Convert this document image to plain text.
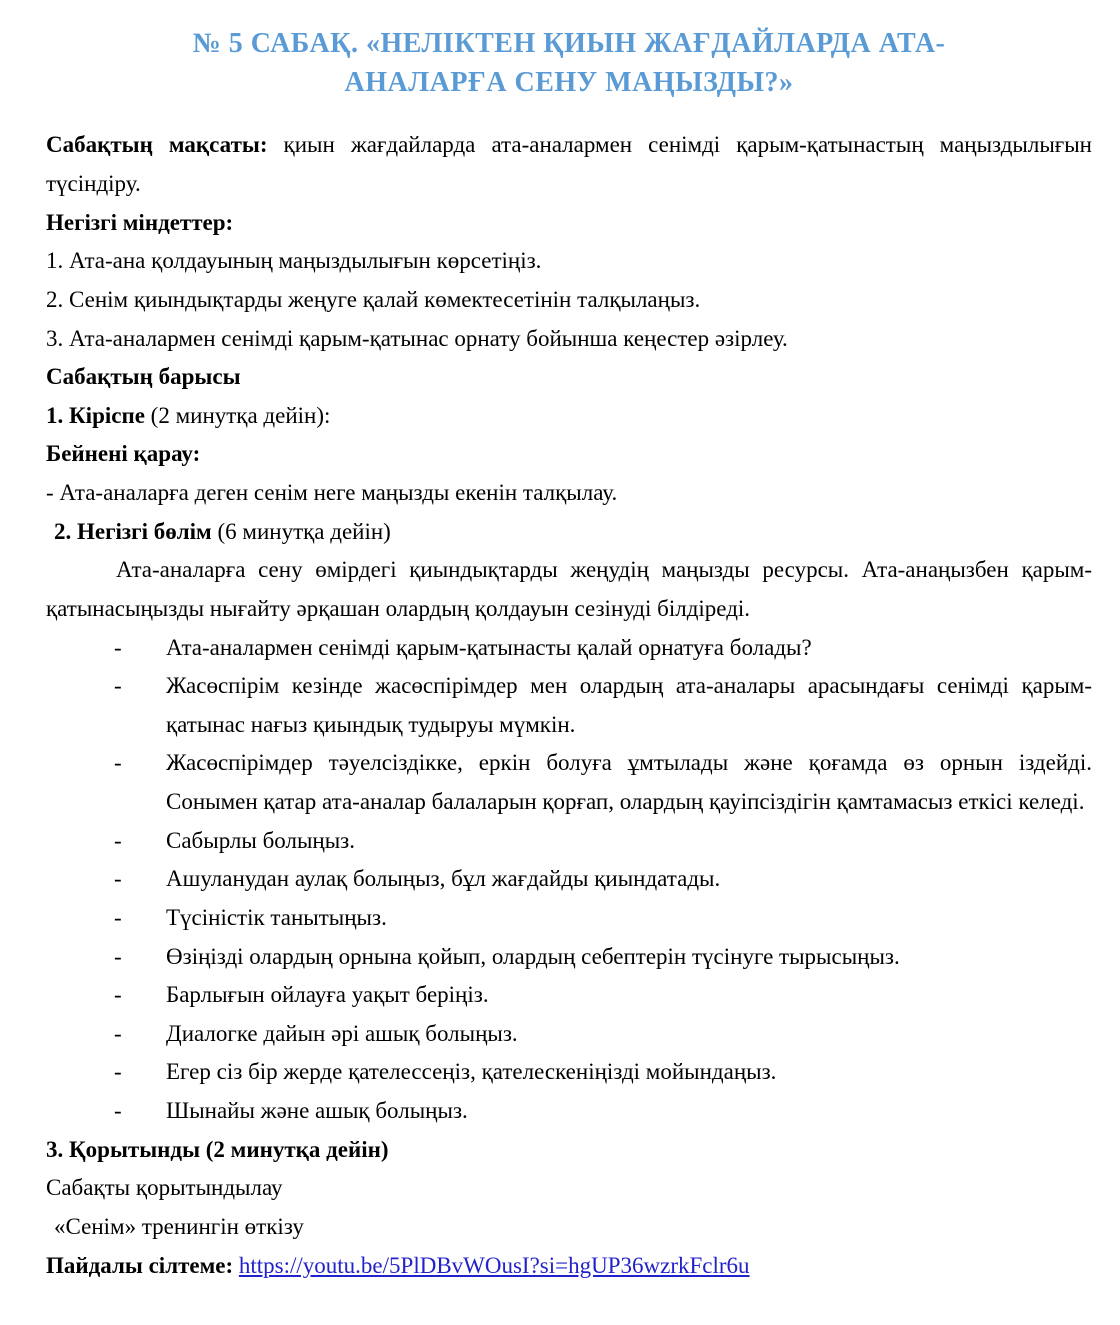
№ 5 САБАҚ. «НЕЛІКТЕН ҚИЫН ЖАҒДАЙЛАРДА АТА-
АНАЛАРҒА СЕНУ МАҢЫЗДЫ?»

Сабақтың мақсаты: қиын жағдайларда ата-аналармен сенімді қарым-қатынастың маңыздылығын түсіндіру.

Негізгі міндеттер:

1. Ата-ана қолдауының маңыздылығын көрсетіңіз.

2. Сенім қиындықтарды жеңуге қалай көмектесетінін талқылаңыз.

3. Ата-аналармен сенімді қарым-қатынас орнату бойынша кеңестер әзірлеу.

Сабақтың барысы

1. Кіріспе (2 минутқа дейін):

Бейнені қарау:

- Ата-аналарға деген сенім неге маңызды екенін талқылау.

2. Негізгі бөлім (6 минутқа дейін)

Ата-аналарға сену өмірдегі қиындықтарды жеңудің маңызды ресурсы. Ата-анаңызбен қарым-қатынасыңызды нығайту әрқашан олардың қолдауын сезінуді білдіреді.

-	Ата-аналармен сенімді қарым-қатынасты қалай орнатуға болады?
-	Жасөспірім кезінде жасөспірімдер мен олардың ата-аналары арасындағы сенімді қарым-қатынас нағыз қиындық тудыруы мүмкін.
-	Жасөспірімдер тәуелсіздікке, еркін болуға ұмтылады және қоғамда өз орнын іздейді. Сонымен қатар ата-аналар балаларын қорғап, олардың қауіпсіздігін қамтамасыз еткісі келеді.
-	Сабырлы болыңыз.
-	Ашуланудан аулақ болыңыз, бұл жағдайды қиындатады.
-	Түсіністік танытыңыз.
-	Өзіңізді олардың орнына қойып, олардың себептерін түсінуге тырысыңыз.
-	Барлығын ойлауға уақыт беріңіз.
-	Диалогке дайын әрі ашық болыңыз.
-	Егер сіз бір жерде қателессеңіз, қателескеніңізді мойындаңыз.
-	Шынайы және ашық болыңыз.

3. Қорытынды (2 минутқа дейін)

Сабақты қорытындылау

«Сенім» тренингін өткізу

Пайдалы сілтеме: https://youtu.be/5PlDBvWOusI?si=hgUP36wzrkFclr6u
